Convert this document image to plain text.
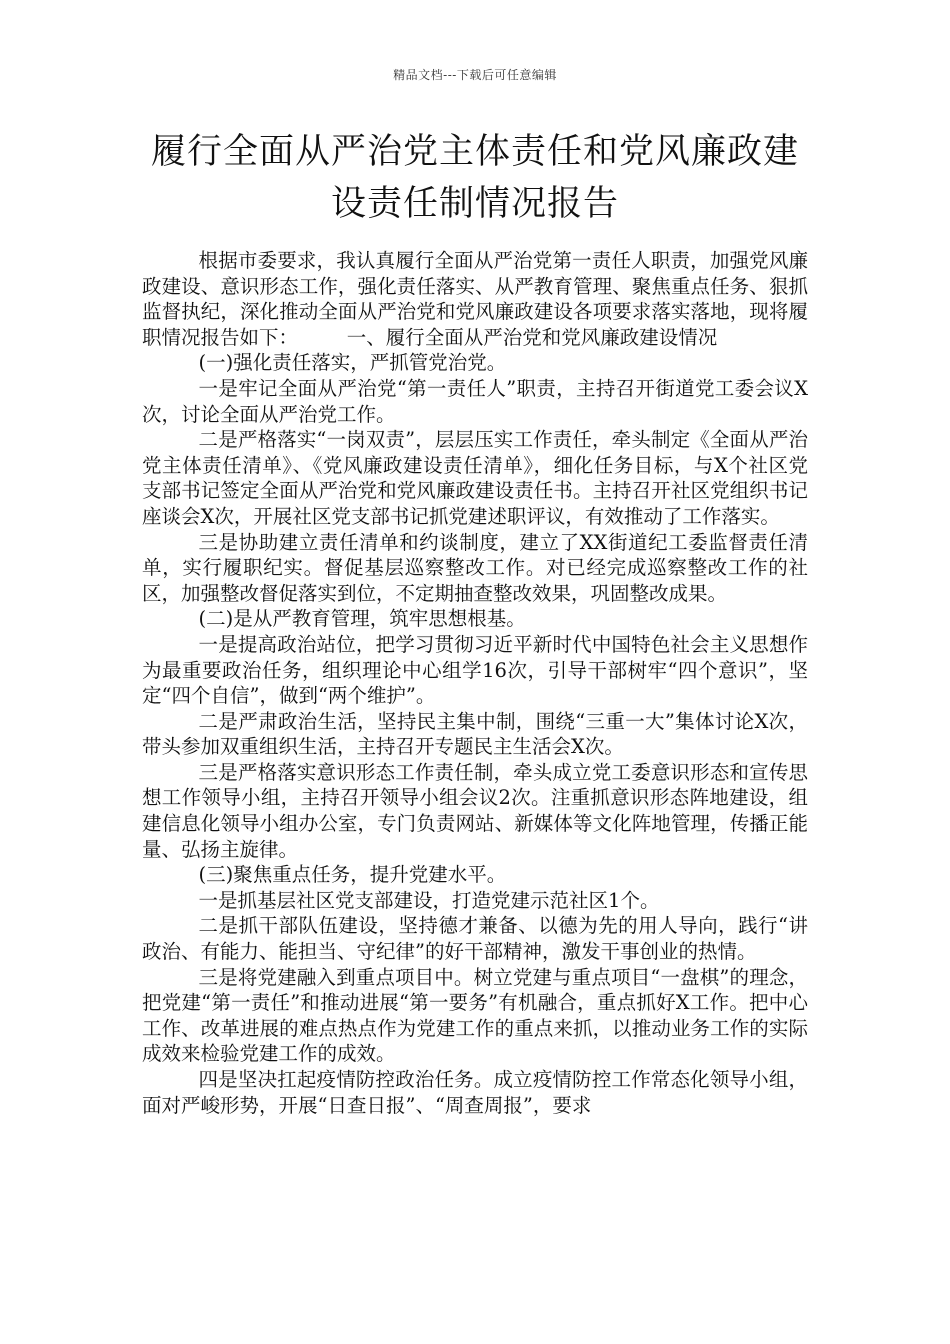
精品文档---下载后可任意编辑
履行全面从严治党主体责任和党风廉政建
设责任制情况报告

根据市委要求，我认真履行全面从严治党第一责任人职责，加强党风廉政建设、意识形态工作，强化责任落实、从严教育管理、聚焦重点任务、狠抓监督执纪，深化推动全面从严治党和党风廉政建设各项要求落实落地，现将履职情况报告如下：　　　一、履行全面从严治党和党风廉政建设情况

(一)强化责任落实，严抓管党治党。

一是牢记全面从严治党“第一责任人”职责，主持召开街道党工委会议X次，讨论全面从严治党工作。

二是严格落实“一岗双责”，层层压实工作责任，牵头制定《全面从严治党主体责任清单》、《党风廉政建设责任清单》，细化任务目标，与X个社区党支部书记签定全面从严治党和党风廉政建设责任书。主持召开社区党组织书记座谈会X次，开展社区党支部书记抓党建述职评议，有效推动了工作落实。

三是协助建立责任清单和约谈制度，建立了XX街道纪工委监督责任清单，实行履职纪实。督促基层巡察整改工作。对已经完成巡察整改工作的社区，加强整改督促落实到位，不定期抽查整改效果，巩固整改成果。

(二)是从严教育管理，筑牢思想根基。

一是提高政治站位，把学习贯彻习近平新时代中国特色社会主义思想作为最重要政治任务，组织理论中心组学16次，引导干部树牢“四个意识”，坚定“四个自信”，做到“两个维护”。

二是严肃政治生活，坚持民主集中制，围绕“三重一大”集体讨论X次，带头参加双重组织生活，主持召开专题民主生活会X次。

三是严格落实意识形态工作责任制，牵头成立党工委意识形态和宣传思想工作领导小组，主持召开领导小组会议2次。注重抓意识形态阵地建设，组建信息化领导小组办公室，专门负责网站、新媒体等文化阵地管理，传播正能量、弘扬主旋律。

(三)聚焦重点任务，提升党建水平。

一是抓基层社区党支部建设，打造党建示范社区1个。

二是抓干部队伍建设，坚持德才兼备、以德为先的用人导向，践行“讲政治、有能力、能担当、守纪律”的好干部精神，激发干事创业的热情。

三是将党建融入到重点项目中。树立党建与重点项目“一盘棋”的理念，把党建“第一责任”和推动进展“第一要务”有机融合，重点抓好X工作。把中心工作、改革进展的难点热点作为党建工作的重点来抓，以推动业务工作的实际成效来检验党建工作的成效。

四是坚决扛起疫情防控政治任务。成立疫情防控工作常态化领导小组，面对严峻形势，开展“日查日报”、“周查周报”，要求
